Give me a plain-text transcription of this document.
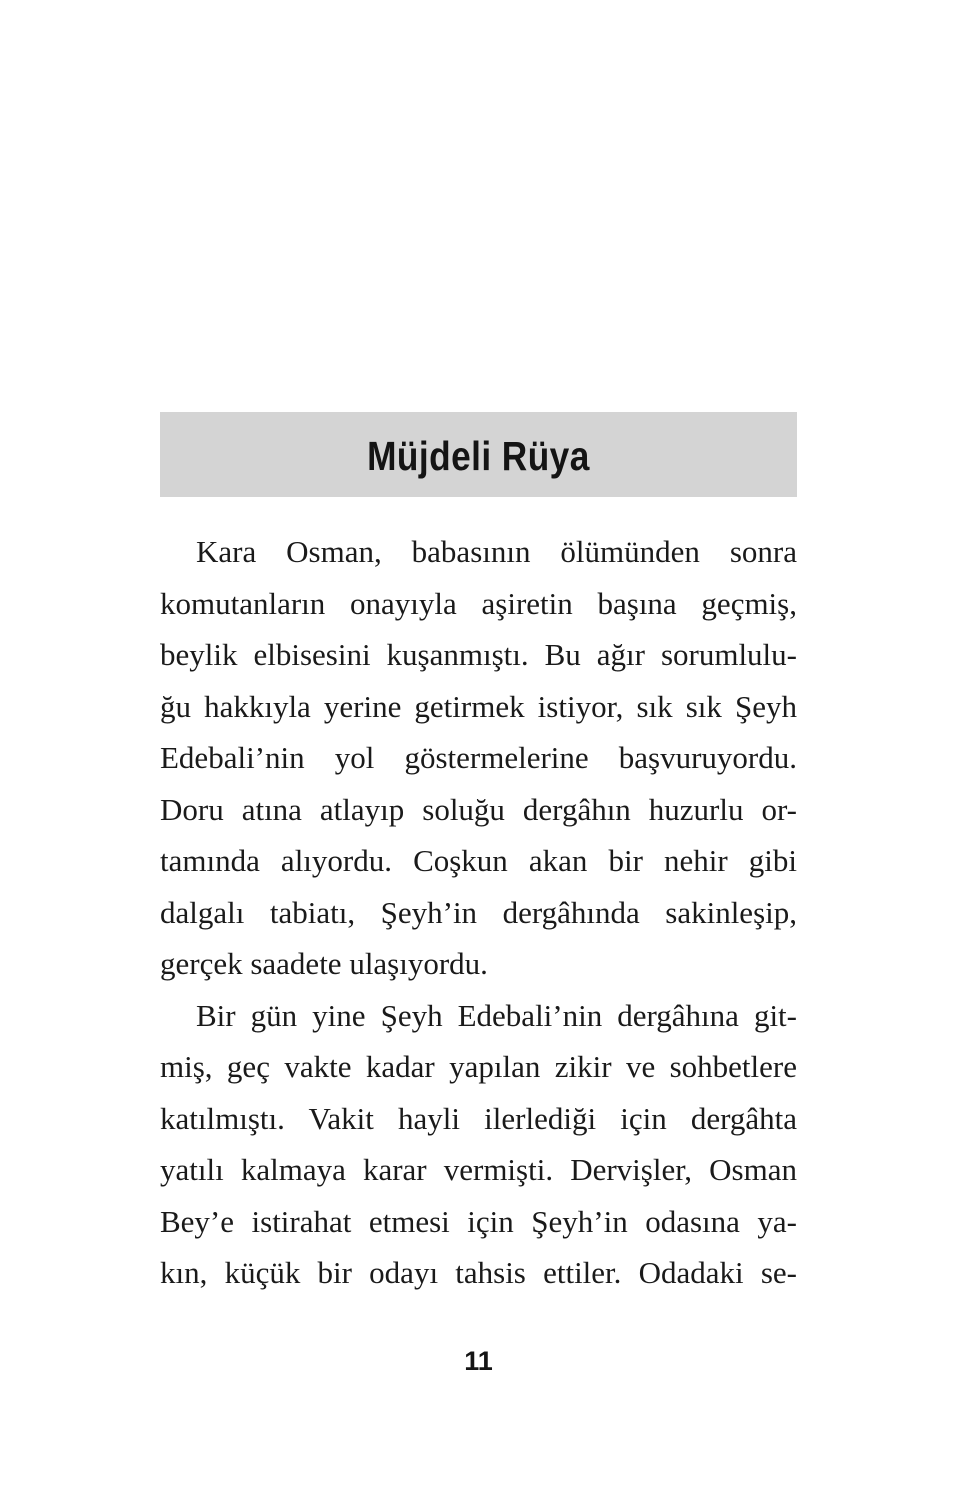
Müjdeli Rüya
Kara Osman, babasının ölümünden sonra
komutanların onayıyla aşiretin başına geçmiş,
beylik elbisesini kuşanmıştı. Bu ağır sorumlulu-
ğu hakkıyla yerine getirmek istiyor, sık sık Şeyh
Edebali’nin yol göstermelerine başvuruyordu.
Doru atına atlayıp soluğu dergâhın huzurlu or-
tamında alıyordu. Coşkun akan bir nehir gibi
dalgalı tabiatı, Şeyh’in dergâhında sakinleşip,
gerçek saadete ulaşıyordu.
Bir gün yine Şeyh Edebali’nin dergâhına git-
miş, geç vakte kadar yapılan zikir ve sohbetlere
katılmıştı. Vakit hayli ilerlediği için dergâhta
yatılı kalmaya karar vermişti. Dervişler, Osman
Bey’e istirahat etmesi için Şeyh’in odasına ya-
kın, küçük bir odayı tahsis ettiler. Odadaki se-
11
